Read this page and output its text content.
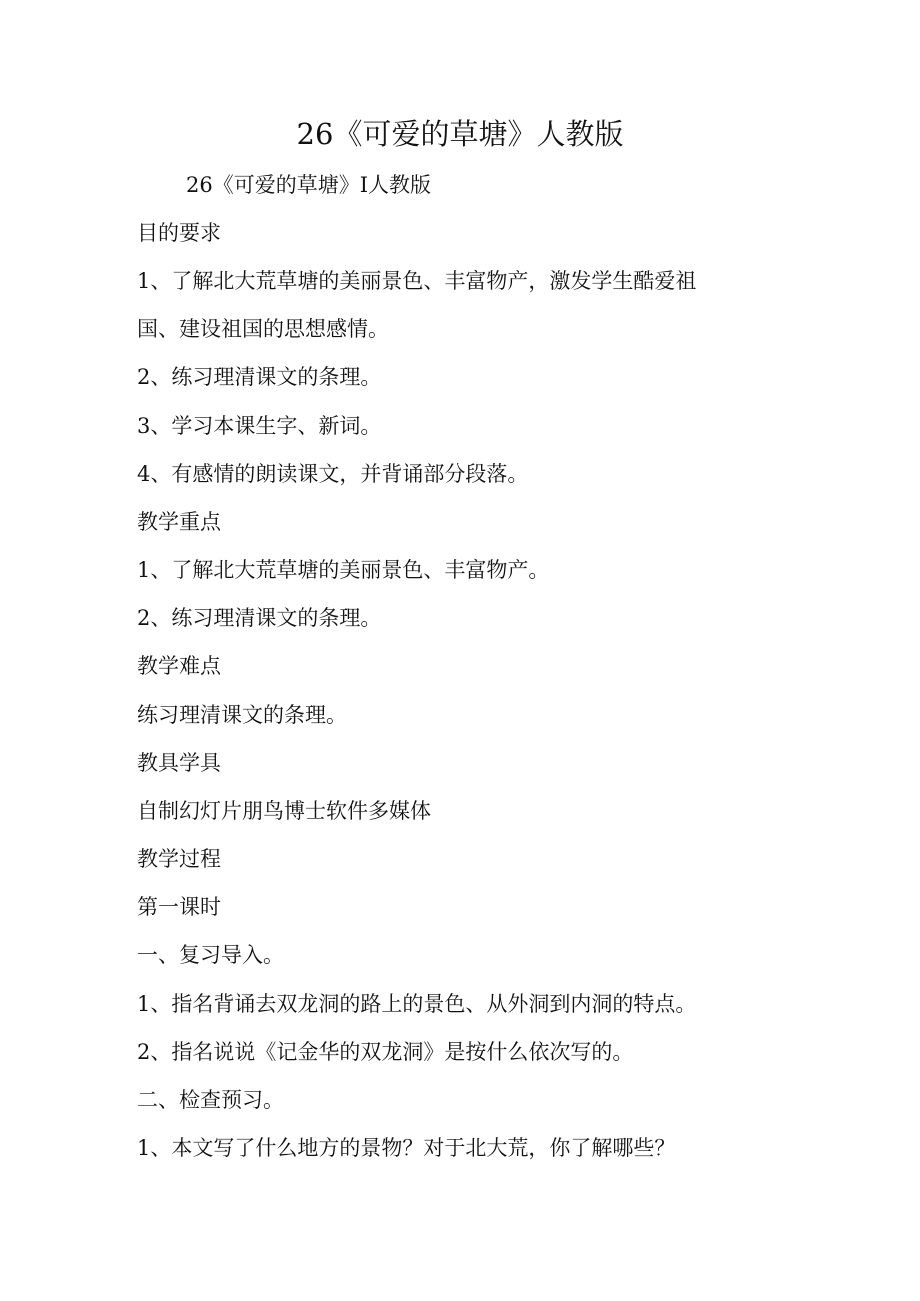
26《可爱的草塘》人教版
26《可爱的草塘》I人教版
目的要求
1、了解北大荒草塘的美丽景色、丰富物产，激发学生酷爱祖
国、建设祖国的思想感情。
2、练习理清课文的条理。
3、学习本课生字、新词。
4、有感情的朗读课文，并背诵部分段落。
教学重点
1、了解北大荒草塘的美丽景色、丰富物产。
2、练习理清课文的条理。
教学难点
练习理清课文的条理。
教具学具
自制幻灯片朋鸟博士软件多媒体
教学过程
第一课时
一、复习导入。
1、指名背诵去双龙洞的路上的景色、从外洞到内洞的特点。
2、指名说说《记金华的双龙洞》是按什么依次写的。
二、检查预习。
1、本文写了什么地方的景物？对于北大荒，你了解哪些？
